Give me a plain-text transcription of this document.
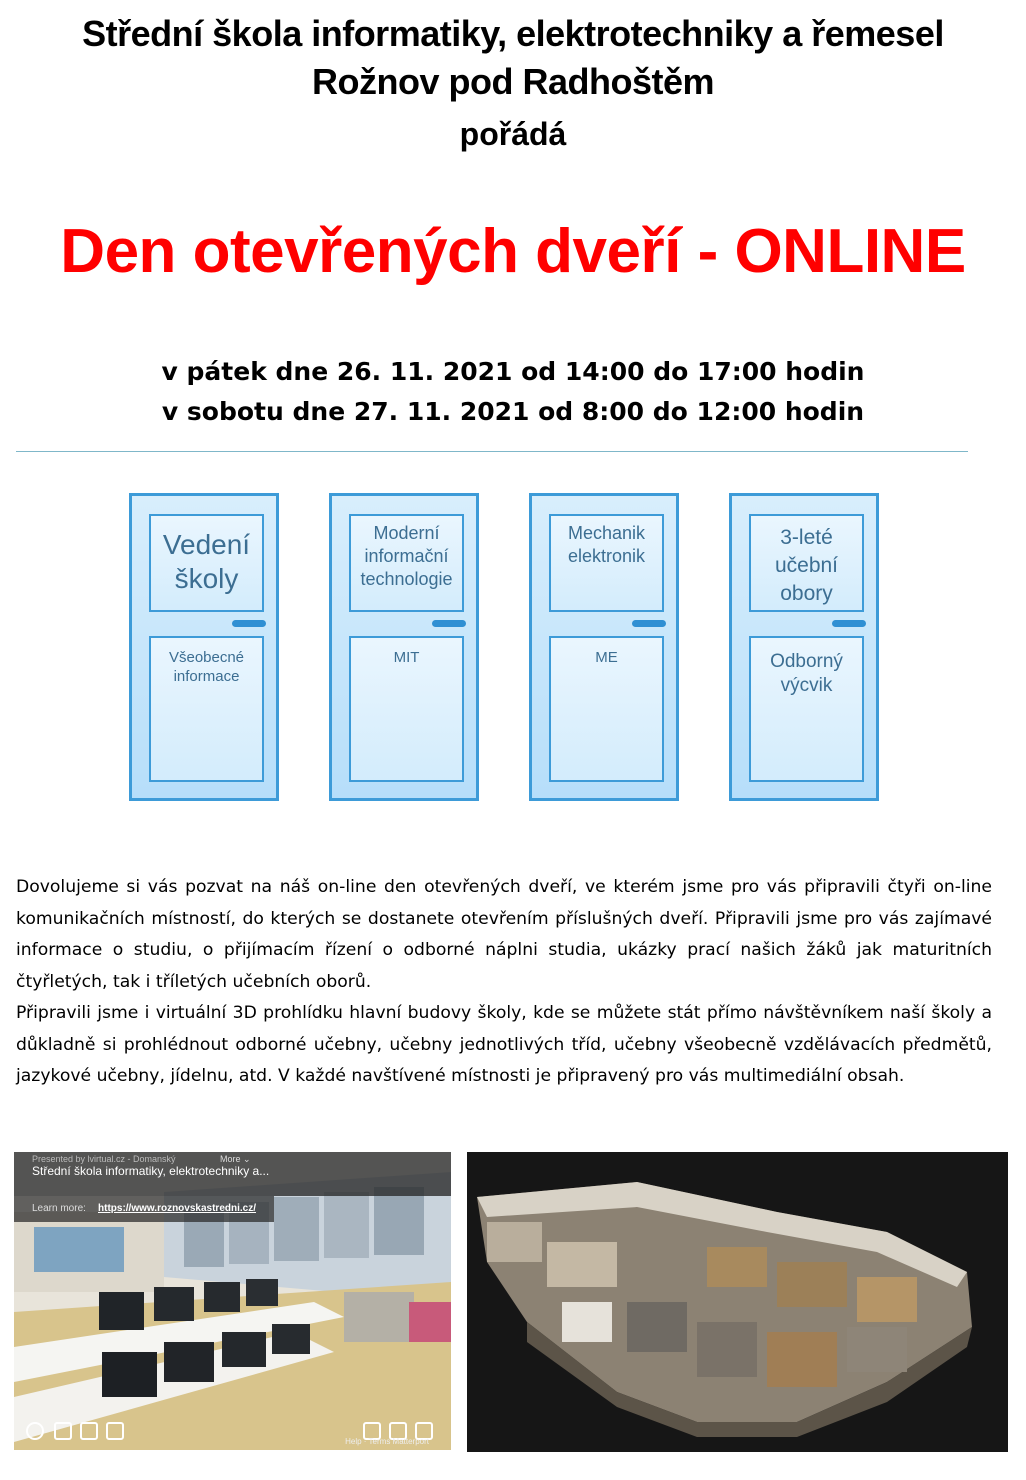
Střední škola informatiky, elektrotechniky a řemesel
Rožnov pod Radhoštěm
pořádá
Den otevřených dveří - ONLINE
v pátek dne 26. 11. 2021 od 14:00 do 17:00 hodin
v sobotu dne 27. 11. 2021 od 8:00 do 12:00 hodin
Vedení
školy
Všeobecné
informace
Moderní
informační
technologie
MIT
Mechanik
elektronik
ME
3-leté
učební
obory
Odborný
výcvik

Dovolujeme si vás pozvat na náš on-line den otevřených dveří, ve kterém jsme pro vás připravili čtyři on-line komunikačních místností, do kterých se dostanete otevřením příslušných dveří. Připravili jsme pro vás zajímavé informace o studiu, o přijímacím řízení o odborné náplni studia, ukázky prací našich žáků jak maturitních čtyřletých, tak i tříletých učebních oborů.

Připravili jsme i virtuální 3D prohlídku hlavní budovy školy, kde se můžete stát přímo návštěvníkem naší školy a důkladně si prohlédnout odborné učebny, učebny jednotlivých tříd, učebny všeobecně vzdělávacích předmětů, jazykové učebny, jídelnu, atd. V každé navštívené místnosti je připravený pro vás multimediální obsah.

Presented by lvirtual.cz - Domanský	More ⌄
Střední škola informatiky, elektrotechniky a...
Learn more: https://www.roznovskastredni.cz/
Help · Terms Matterport
